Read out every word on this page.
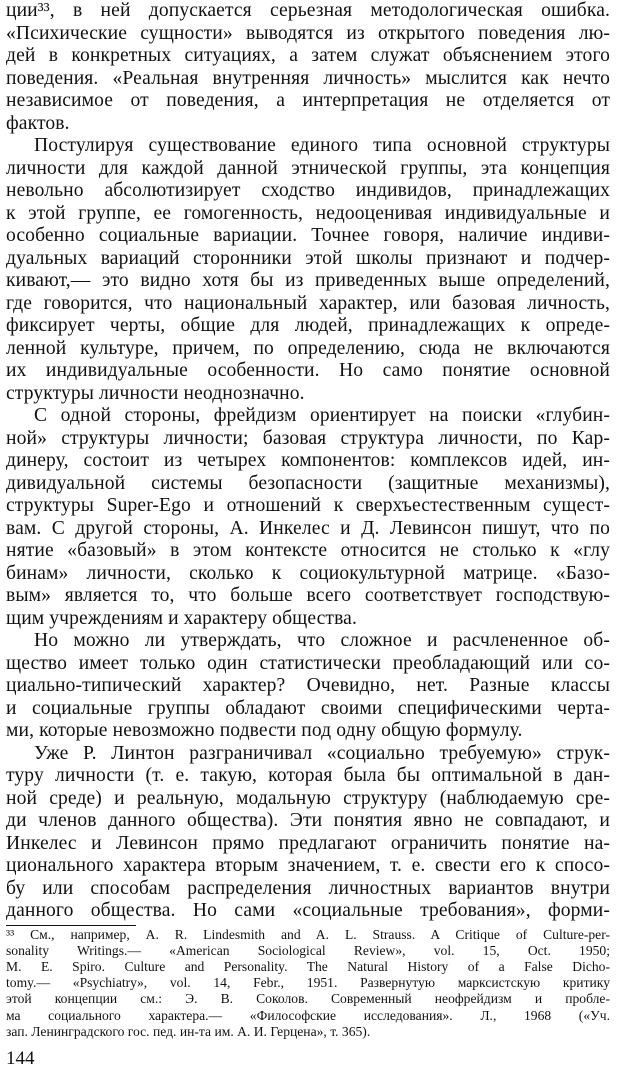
ции³³, в ней допускается серьезная методологическая ошибка.
«Психические сущности» выводятся из открытого поведения лю-
дей в конкретных ситуациях, а затем служат объяснением этого
поведения. «Реальная внутренняя личность» мыслится как нечто
независимое от поведения, а интерпретация не отделяется от
фактов.
Постулируя существование единого типа основной структуры
личности для каждой данной этнической группы, эта концепция
невольно абсолютизирует сходство индивидов, принадлежащих
к этой группе, ее гомогенность, недооценивая индивидуальные и
особенно социальные вариации. Точнее говоря, наличие индиви-
дуальных вариаций сторонники этой школы признают и подчер-
кивают,— это видно хотя бы из приведенных выше определений,
где говорится, что национальный характер, или базовая личность,
фиксирует черты, общие для людей, принадлежащих к опреде-
ленной культуре, причем, по определению, сюда не включаются
их индивидуальные особенности. Но само понятие основной
структуры личности неоднозначно.
С одной стороны, фрейдизм ориентирует на поиски «глубин-
ной» структуры личности; базовая структура личности, по Кар-
динеру, состоит из четырех компонентов: комплексов идей, ин-
дивидуальной системы безопасности (защитные механизмы),
структуры Super-Ego и отношений к сверхъестественным сущест-
вам. С другой стороны, А. Инкелес и Д. Левинсон пишут, что по
нятие «базовый» в этом контексте относится не столько к «глу
бинам» личности, сколько к социокультурной матрице. «Базо-
вым» является то, что больше всего соответствует господствую-
щим учреждениям и характеру общества.
Но можно ли утверждать, что сложное и расчлененное об-
щество имеет только один статистически преобладающий или со-
циально-типический характер? Очевидно, нет. Разные классы
и социальные группы обладают своими специфическими черта-
ми, которые невозможно подвести под одну общую формулу.
Уже Р. Линтон разграничивал «социально требуемую» струк-
туру личности (т. е. такую, которая была бы оптимальной в дан-
ной среде) и реальную, модальную структуру (наблюдаемую сре-
ди членов данного общества). Эти понятия явно не совпадают, и
Инкелес и Левинсон прямо предлагают ограничить понятие на-
ционального характера вторым значением, т. е. свести его к спосо-
бу или способам распределения личностных вариантов внутри
данного общества. Но сами «социальные требования», форми-
³³ См., например, A. R. Lindesmith and A. L. Strauss. A Critique of Culture-per-
sonality Writings.— «American Sociological Review», vol. 15, Oct. 1950;
M. E. Spiro. Culture and Personality. The Natural History of a False Dicho-
tomy.— «Psychiatry», vol. 14, Febr., 1951. Развернутую марксистскую критику
этой концепции см.: Э. В. Соколов. Современный неофрейдизм и пробле-
ма социального характера.— «Философские исследования». Л., 1968 («Уч.
зап. Ленинградского гос. пед. ин-та им. А. И. Герцена», т. 365).
144
